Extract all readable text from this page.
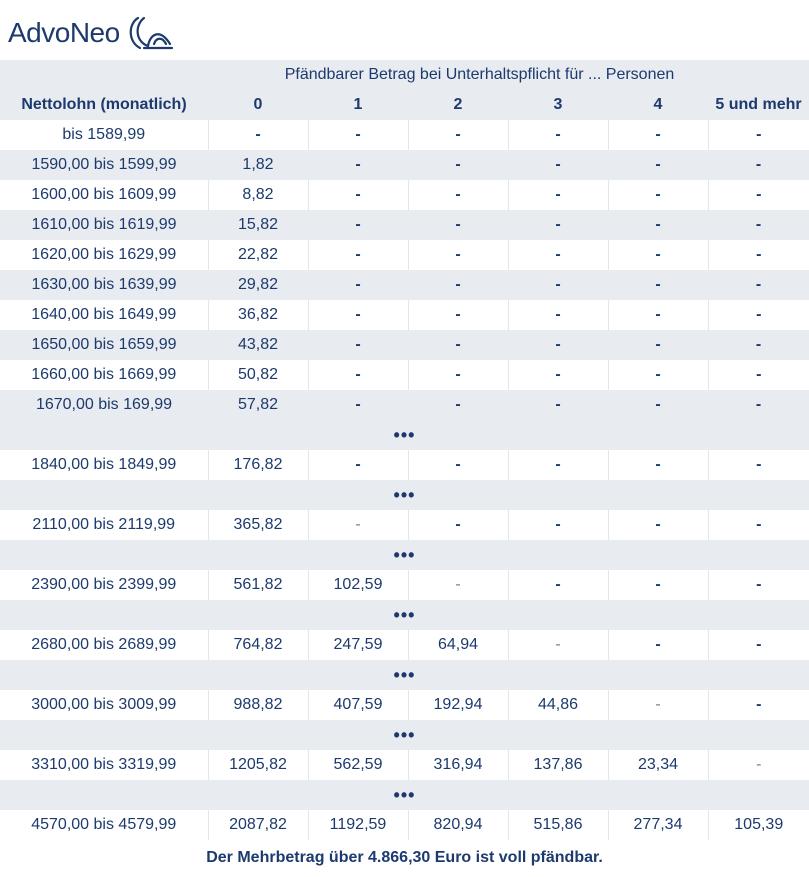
AdvoNeo
Pfändbarer Betrag bei Unterhaltspflicht für ... Personen						
Nettolohn (monatlich)	0	1	2	3	4	5 und mehr
bis 1589,99	-	-	-	-	-	-
1590,00 bis 1599,99	1,82	-	-	-	-	-
1600,00 bis 1609,99	8,82	-	-	-	-	-
1610,00 bis 1619,99	15,82	-	-	-	-	-
1620,00 bis 1629,99	22,82	-	-	-	-	-
1630,00 bis 1639,99	29,82	-	-	-	-	-
1640,00 bis 1649,99	36,82	-	-	-	-	-
1650,00 bis 1659,99	43,82	-	-	-	-	-
1660,00 bis 1669,99	50,82	-	-	-	-	-
1670,00 bis 169,99	57,82	-	-	-	-	-
•••						
1840,00 bis 1849,99	176,82	-	-	-	-	-
•••						
2110,00 bis 2119,99	365,82	-	-	-	-	-
•••						
2390,00 bis 2399,99	561,82	102,59	-	-	-	-
•••						
2680,00 bis 2689,99	764,82	247,59	64,94	-	-	-
•••						
3000,00 bis 3009,99	988,82	407,59	192,94	44,86	-	-
•••						
3310,00 bis 3319,99	1205,82	562,59	316,94	137,86	23,34	-
•••						
4570,00 bis 4579,99	2087,82	1192,59	820,94	515,86	277,34	105,39
Der Mehrbetrag über 4.866,30 Euro ist voll pfändbar.						
